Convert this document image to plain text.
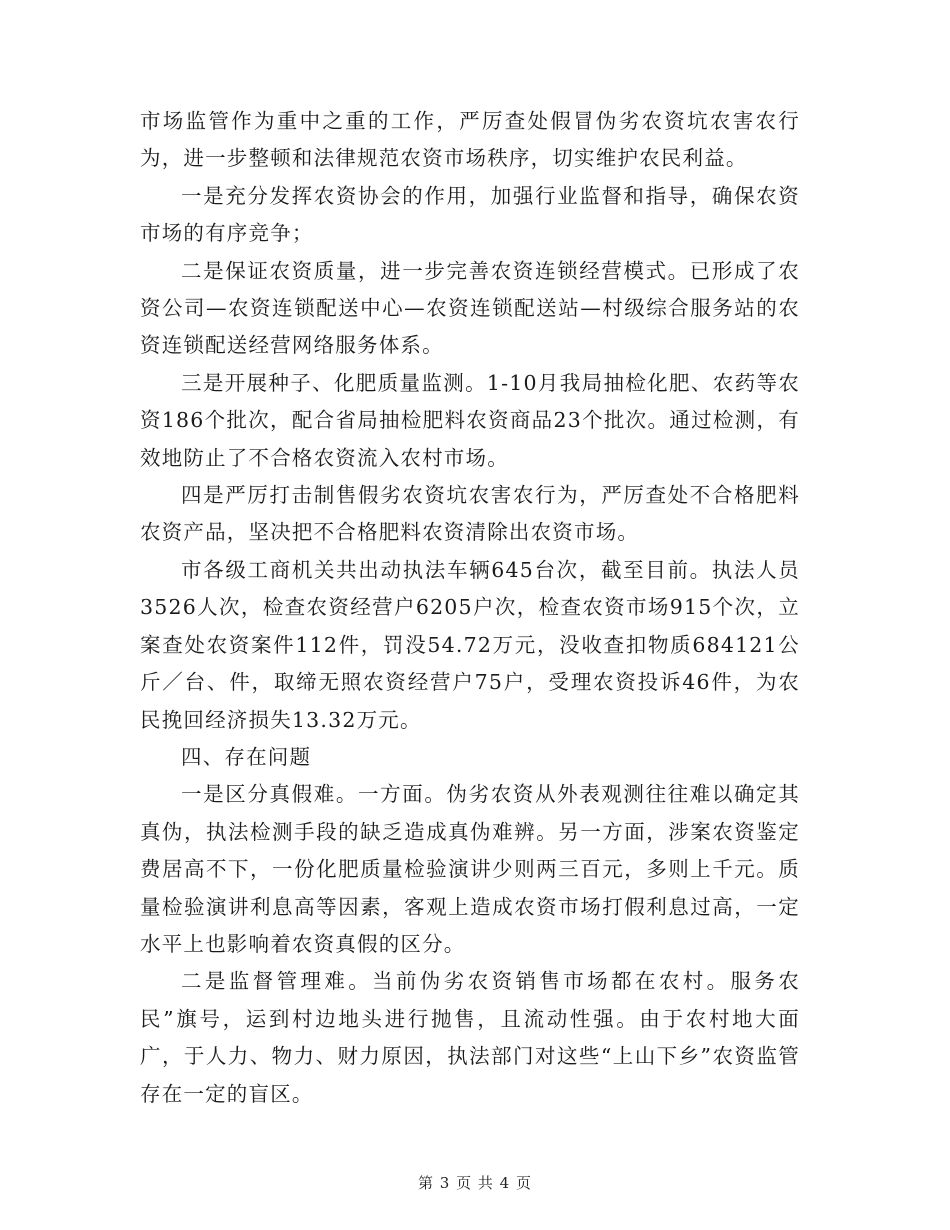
市场监管作为重中之重的工作，严厉查处假冒伪劣农资坑农害农行为，进一步整顿和法律规范农资市场秩序，切实维护农民利益。

一是充分发挥农资协会的作用，加强行业监督和指导，确保农资市场的有序竞争；

二是保证农资质量，进一步完善农资连锁经营模式。已形成了农资公司—农资连锁配送中心—农资连锁配送站—村级综合服务站的农资连锁配送经营网络服务体系。

三是开展种子、化肥质量监测。1-10月我局抽检化肥、农药等农资186个批次，配合省局抽检肥料农资商品23个批次。通过检测，有效地防止了不合格农资流入农村市场。

四是严厉打击制售假劣农资坑农害农行为，严厉查处不合格肥料农资产品，坚决把不合格肥料农资清除出农资市场。

市各级工商机关共出动执法车辆645台次，截至目前。执法人员3526人次，检查农资经营户6205户次，检查农资市场915个次，立案查处农资案件112件，罚没54.72万元，没收查扣物质684121公斤／台、件，取缔无照农资经营户75户，受理农资投诉46件，为农民挽回经济损失13.32万元。

四、存在问题

一是区分真假难。一方面。伪劣农资从外表观测往往难以确定其真伪，执法检测手段的缺乏造成真伪难辨。另一方面，涉案农资鉴定费居高不下，一份化肥质量检验演讲少则两三百元，多则上千元。质量检验演讲利息高等因素，客观上造成农资市场打假利息过高，一定水平上也影响着农资真假的区分。

二是监督管理难。当前伪劣农资销售市场都在农村。服务农民”旗号，运到村边地头进行抛售，且流动性强。由于农村地大面广，于人力、物力、财力原因，执法部门对这些“上山下乡”农资监管存在一定的盲区。

第 3 页 共 4 页
